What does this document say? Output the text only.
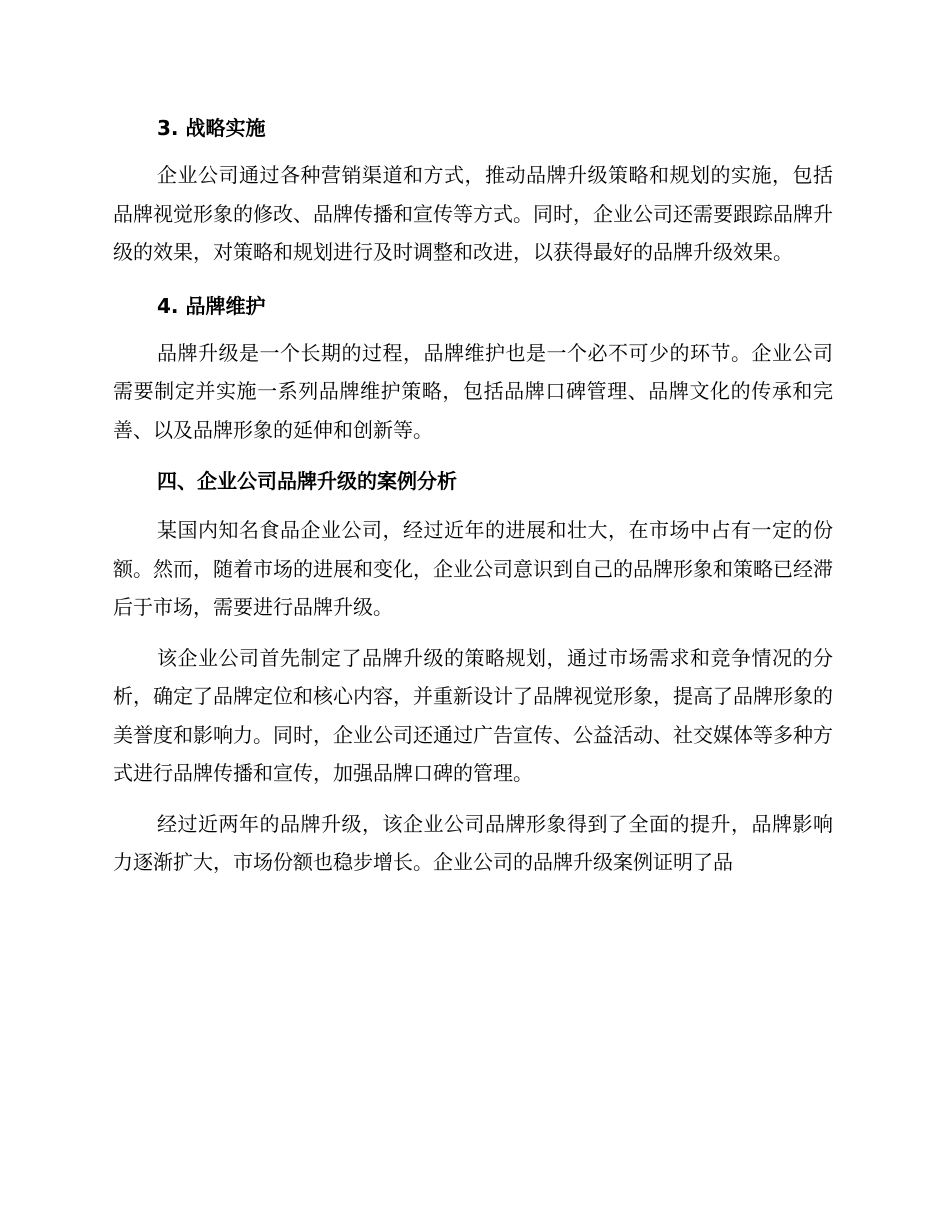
3. 战略实施

企业公司通过各种营销渠道和方式，推动品牌升级策略和规划的实施，包括品牌视觉形象的修改、品牌传播和宣传等方式。同时，企业公司还需要跟踪品牌升级的效果，对策略和规划进行及时调整和改进，以获得最好的品牌升级效果。

4. 品牌维护

品牌升级是一个长期的过程，品牌维护也是一个必不可少的环节。企业公司需要制定并实施一系列品牌维护策略，包括品牌口碑管理、品牌文化的传承和完善、以及品牌形象的延伸和创新等。

四、企业公司品牌升级的案例分析

某国内知名食品企业公司，经过近年的进展和壮大，在市场中占有一定的份额。然而，随着市场的进展和变化，企业公司意识到自己的品牌形象和策略已经滞后于市场，需要进行品牌升级。

该企业公司首先制定了品牌升级的策略规划，通过市场需求和竞争情况的分析，确定了品牌定位和核心内容，并重新设计了品牌视觉形象，提高了品牌形象的美誉度和影响力。同时，企业公司还通过广告宣传、公益活动、社交媒体等多种方式进行品牌传播和宣传，加强品牌口碑的管理。

经过近两年的品牌升级，该企业公司品牌形象得到了全面的提升，品牌影响力逐渐扩大，市场份额也稳步增长。企业公司的品牌升级案例证明了品
